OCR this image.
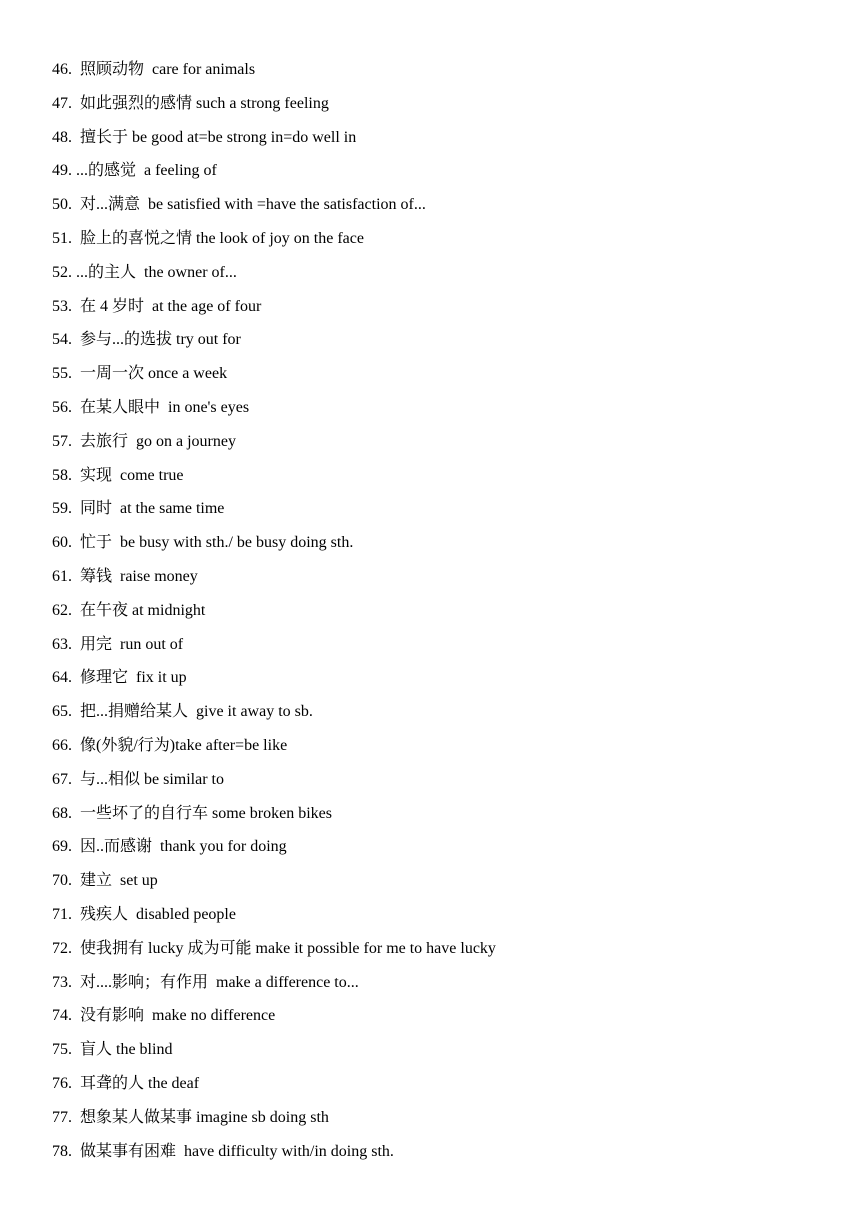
46.  照顾动物  care for animals
47.  如此强烈的感情 such a strong feeling
48.  擅长于 be good at=be strong in=do well in
49. ...的感觉  a feeling of
50.  对...满意  be satisfied with =have the satisfaction of...
51.  脸上的喜悦之情 the look of joy on the face
52. ...的主人  the owner of...
53.  在 4 岁时  at the age of four
54.  参与...的选拔 try out for
55.  一周一次 once a week
56.  在某人眼中  in one's eyes
57.  去旅行  go on a journey
58.  实现  come true
59.  同时  at the same time
60.  忙于  be busy with sth./ be busy doing sth.
61.  筹钱  raise money
62.  在午夜 at midnight
63.  用完  run out of
64.  修理它  fix it up
65.  把...捐赠给某人  give it away to sb.
66.  像(外貌/行为)take after=be like
67.  与...相似 be similar to
68.  一些坏了的自行车 some broken bikes
69.  因..而感谢  thank you for doing
70.  建立  set up
71.  残疾人  disabled people
72.  使我拥有 lucky 成为可能 make it possible for me to have lucky
73.  对....影响；有作用  make a difference to...
74.  没有影响  make no difference
75.  盲人 the blind
76.  耳聋的人 the deaf
77.  想象某人做某事 imagine sb doing sth
78.  做某事有困难  have difficulty with/in doing sth.
